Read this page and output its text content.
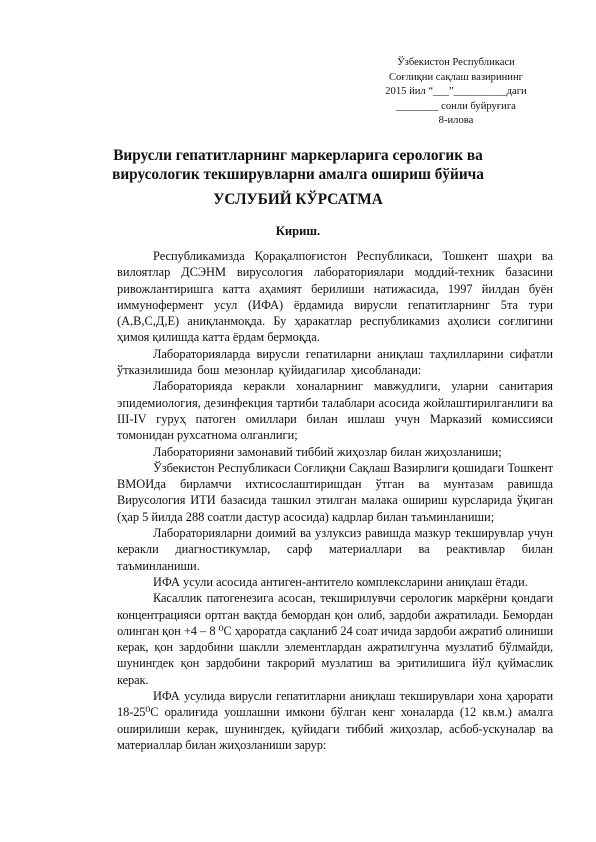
Ўзбекистон Республикаси
Соғлиқни сақлаш вазирининг
2015 йил “___”__________даги
________ сонли буйруғига
8-илова
Вирусли гепатитларнинг маркерларига серологик ва
вирусологик текширувларни амалга ошириш бўйича
УСЛУБИЙ КЎРСАТМА
Кириш.

Республикамизда Қорақалпоғистон Республикаси, Тошкент шаҳри ва вилоятлар ДСЭНМ вирусология лабораториялари моддий-техник базасини ривожлантиришга катта аҳамият берилиши натижасида, 1997 йилдан буён иммунофермент усул (ИФА) ёрдамида вирусли гепатитларнинг 5та тури (А,В,С,Д,Е) аниқланмоқда. Бу ҳаракатлар республикамиз аҳолиси соғлигини ҳимоя қилишда катта ёрдам бермоқда.

Лабораторияларда вирусли гепатиларни аниқлаш таҳлилларини сифатли ўтказилишида бош мезонлар қуйидагилар ҳисобланади:

Лабораторияда керакли хоналарнинг мавжудлиги, уларни санитария эпидемиология, дезинфекция тартиби талаблари асосида жойлаштирилганлиги ва III-IV гуруҳ патоген омиллари билан ишлаш учун Марказий комиссияси томонидан рухсатнома олганлиги;

Лабораторияни замонавий тиббий жиҳозлар билан жиҳозланиши;

Ўзбекистон Республикаси Соғлиқни Сақлаш Вазирлиги қошидаги Тошкент ВМОИда бирламчи ихтисослаштиришдан ўтган ва мунтазам равишда Вирусология ИТИ базасида ташкил этилган малака ошириш курсларида ўқиган (ҳар 5 йилда 288 соатли дастур асосида) кадрлар билан таъминланиши;

Лабораторияларни доимий ва узлуксиз равишда мазкур текширувлар учун керакли диагностикумлар, сарф материаллари ва реактивлар билан таъминланиши.

ИФА усули асосида антиген-антитело комплексларини аниқлаш ётади.

Касаллик патогенезига асосан, текширилувчи серологик маркёрни қондаги концентрацияси ортган вақтда бемордан қон олиб, зардоби ажратилади. Бемордан олинган қон +4 – 8 ⁰С ҳароратда сақланиб 24 соат ичида зардоби ажратиб олиниши керак, қон зардобини шаклли элементлардан ажратилгунча музлатиб бўлмайди, шунингдек қон зардобини такрорий музлатиш ва эритилишига йўл қуймаслик керак.

ИФА усулида вирусли гепатитларни аниқлаш текширувлари хона ҳарорати 18-25⁰С оралиғида уошлашни имкони бўлган кенг хоналарда (12 кв.м.) амалга оширилиши керак, шунингдек, қуйидаги тиббий жиҳозлар, асбоб-ускуналар ва материаллар билан жиҳозланиши зарур:
